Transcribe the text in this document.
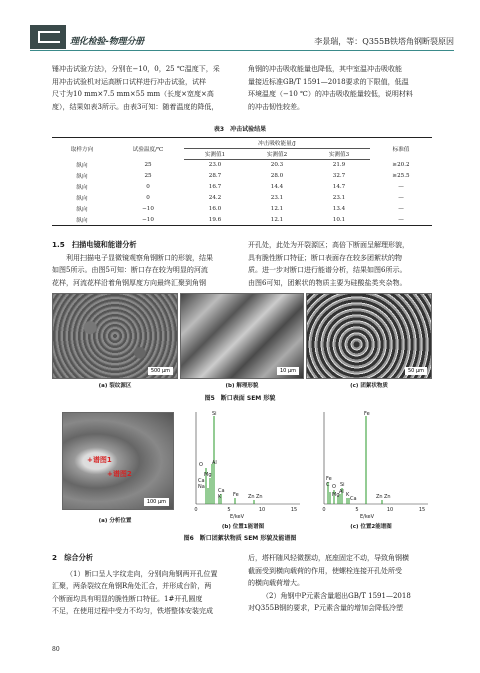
理化检验-物理分册	李景瑞，等：Q355B铁塔角钢断裂原因

锤冲击试验方法》，分别在−10，0，25 ℃温度下，采

用冲击试验机对运高断口试样进行冲击试验，试样

尺寸为10 mm×7.5 mm×55 mm（长度×宽度×高

度），结果如表3所示。由表3可知：随着温度的降低，

角钢的冲击吸收能量也降低，其中室温冲击吸收能

量接近标准GB/T 1591—2018要求的下限值，低温

环境温度（−10 ℃）的冲击吸收能量较低，说明材料

的冲击韧性较差。

表3　冲击试验结果
取样方向	试验温度/℃	冲击吸收能量/J			标准值
		实测值1	实测值2	实测值3	
纵向	25	23.0	20.3	21.9	≥20.2
纵向	25	28.7	28.0	32.7	≥25.5
纵向	0	16.7	14.4	14.7	—
纵向	0	24.2	23.1	23.1	—
纵向	−10	16.0	12.1	13.4	—
纵向	−10	19.6	12.1	10.1	—

1.5　扫描电镜和能谱分析

利用扫描电子显微镜观察角钢断口的形貌，结果

如图5所示。由图5可知：断口存在较为明显的河流

花样，河流花样沿着角钢厚度方向最终汇聚到角钢

开孔处，此处为开裂源区；高倍下断面呈解理形貌，

具有脆性断口特征；断口表面存在较多团絮状的物

质。进一步对断口进行能谱分析，结果如图6所示。

由图6可知，团絮状的物质主要为硅酸盐类夹杂物。

500 μm	10 μm	50 μm
(a) 裂纹源区	(b) 解理形貌	(c) 团絮状物质
图5　断口表面 SEM 形貌
+谱图1
+谱图2
100 μm
Si
O Al
Mg
Ca
Na
Ca
K Fe Zn Zn
0	5	10	15
E/keV
Fe
Fe
C Si
O
Al
Mg K
Ca	Zn Zn
0	5	10	15
E/keV
(a) 分析位置
(b) 位置1能谱图	(c) 位置2能谱图
图6　断口团絮状物质 SEM 形貌及能谱图

2　综合分析

（1）断口呈人字纹走向，分别向角钢两开孔位置

汇聚，两条裂纹在角钢R角处汇合，并形成台阶，两

个断面均具有明显的脆性断口特征。1#开孔圆度

不足，在使用过程中受力不均匀，铁塔整体安装完成

后，塔杆随风轻微摆动，底座固定不动，导致角钢横

截面受到横向载荷的作用，使螺栓连接开孔处所受

的横向载荷增大。

（2）角钢中P元素含量超出GB/T 1591—2018

对Q355B钢的要求，P元素含量的增加会降低冷塑

80
